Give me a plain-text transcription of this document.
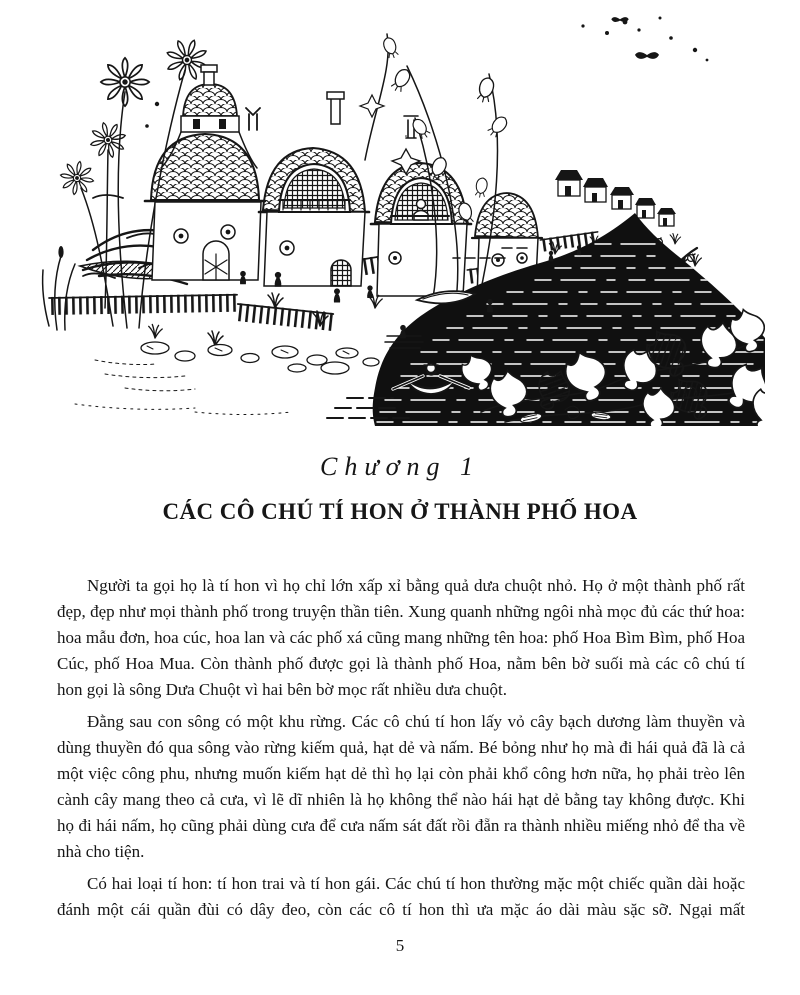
Chương 1
CÁC CÔ CHÚ TÍ HON Ở THÀNH PHỐ HOA

Người ta gọi họ là tí hon vì họ chỉ lớn xấp xỉ bằng quả dưa chuột nhỏ. Họ ở một thành phố rất đẹp, đẹp như mọi thành phố trong truyện thần tiên. Xung quanh những ngôi nhà mọc đủ các thứ hoa: hoa mẫu đơn, hoa cúc, hoa lan và các phố xá cũng mang những tên hoa: phố Hoa Bìm Bìm, phố Hoa Cúc, phố Hoa Mua. Còn thành phố được gọi là thành phố Hoa, nằm bên bờ suối mà các cô chú tí hon gọi là sông Dưa Chuột vì hai bên bờ mọc rất nhiều dưa chuột.

Đằng sau con sông có một khu rừng. Các cô chú tí hon lấy vỏ cây bạch dương làm thuyền và dùng thuyền đó qua sông vào rừng kiếm quả, hạt dẻ và nấm. Bé bỏng như họ mà đi hái quả đã là cả một việc công phu, nhưng muốn kiếm hạt dẻ thì họ lại còn phải khổ công hơn nữa, họ phải trèo lên cành cây mang theo cả cưa, vì lẽ dĩ nhiên là họ không thể nào hái hạt dẻ bằng tay không được. Khi họ đi hái nấm, họ cũng phải dùng cưa để cưa nấm sát đất rồi đẵn ra thành nhiều miếng nhỏ để tha về nhà cho tiện.

Có hai loại tí hon: tí hon trai và tí hon gái. Các chú tí hon thường mặc một chiếc quần dài hoặc đánh một cái quần đùi có dây đeo, còn các cô tí hon thì ưa mặc áo dài màu sặc sỡ. Ngại mất

5
